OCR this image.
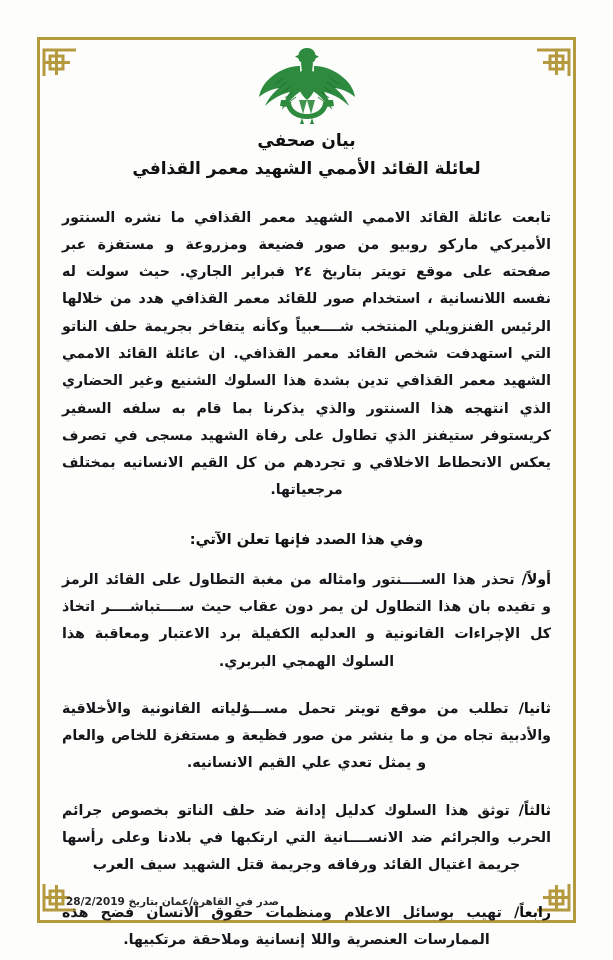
بيان صحفي
لعائلة القائد الأممي الشهيد معمر القذافي

تابعت عائلة القائد الاممي الشهيد معمر القذافي ما نشره السنتور الأميركي ماركو روبيو من صور فضيعة ومزروعة و مستفزة عبر صفحته على موقع تويتر بتاريخ ٢٤ فبراير الجاري. حيث سولت له نفسه اللانسانية ، استخدام صور للقائد معمر القذافي هدد من خلالها الرئيس الفنزويلي المنتخب شــــعبياً وكأنه يتفاخر بجريمة حلف الناتو التي استهدفت شخص القائد معمر القذافي. ان عائلة القائد الاممي الشهيد معمر القذافي تدين بشدة هذا السلوك الشنيع وغير الحضاري الذي انتهجه هذا السنتور والذي يذكرنا بما قام به سلفه السفير كريستوفر ستيفنز الذي تطاول على رفاة الشهيد مسجى في تصرف يعكس الانحطاط الاخلاقي و تجردهم من كل القيم الانسانيه بمختلف مرجعياتها.

وفي هذا الصدد فإنها تعلن الآتي:

أولاً/ تحذر هذا الســــنتور وامثاله من مغبة التطاول على القائد الرمز و تفيده بان هذا التطاول لن يمر دون عقاب حيث ســــتباشــــر اتخاذ كل الإجراءات القانونية و العدليه الكفيلة برد الاعتبار ومعاقبة هذا السلوك الهمجي البربري.

ثانيا/ تطلب من موقع تويتر تحمل مســـؤلياته القانونية والأخلاقية والأدبية تجاه من و ما ينشر من صور فظيعة و مستفزة للخاص والعام و يمثل تعدي علي القيم الانسانيه.

ثالثاً/ توثق هذا السلوك كدليل إدانة ضد حلف الناتو بخصوص جرائم الحرب والجرائم ضد الانســــانية التي ارتكبها في بلادنا وعلى رأسها جريمة اغتيال القائد ورفاقه وجريمة قتل الشهيد سيف العرب

رابعاً/ تهيب بوسائل الاعلام ومنظمات حقوق الانسان فضح هذه الممارسات العنصرية واللا إنسانية وملاحقة مرتكبيها.

صدر في القاهرة/عمان بتاريخ 28/2/2019
